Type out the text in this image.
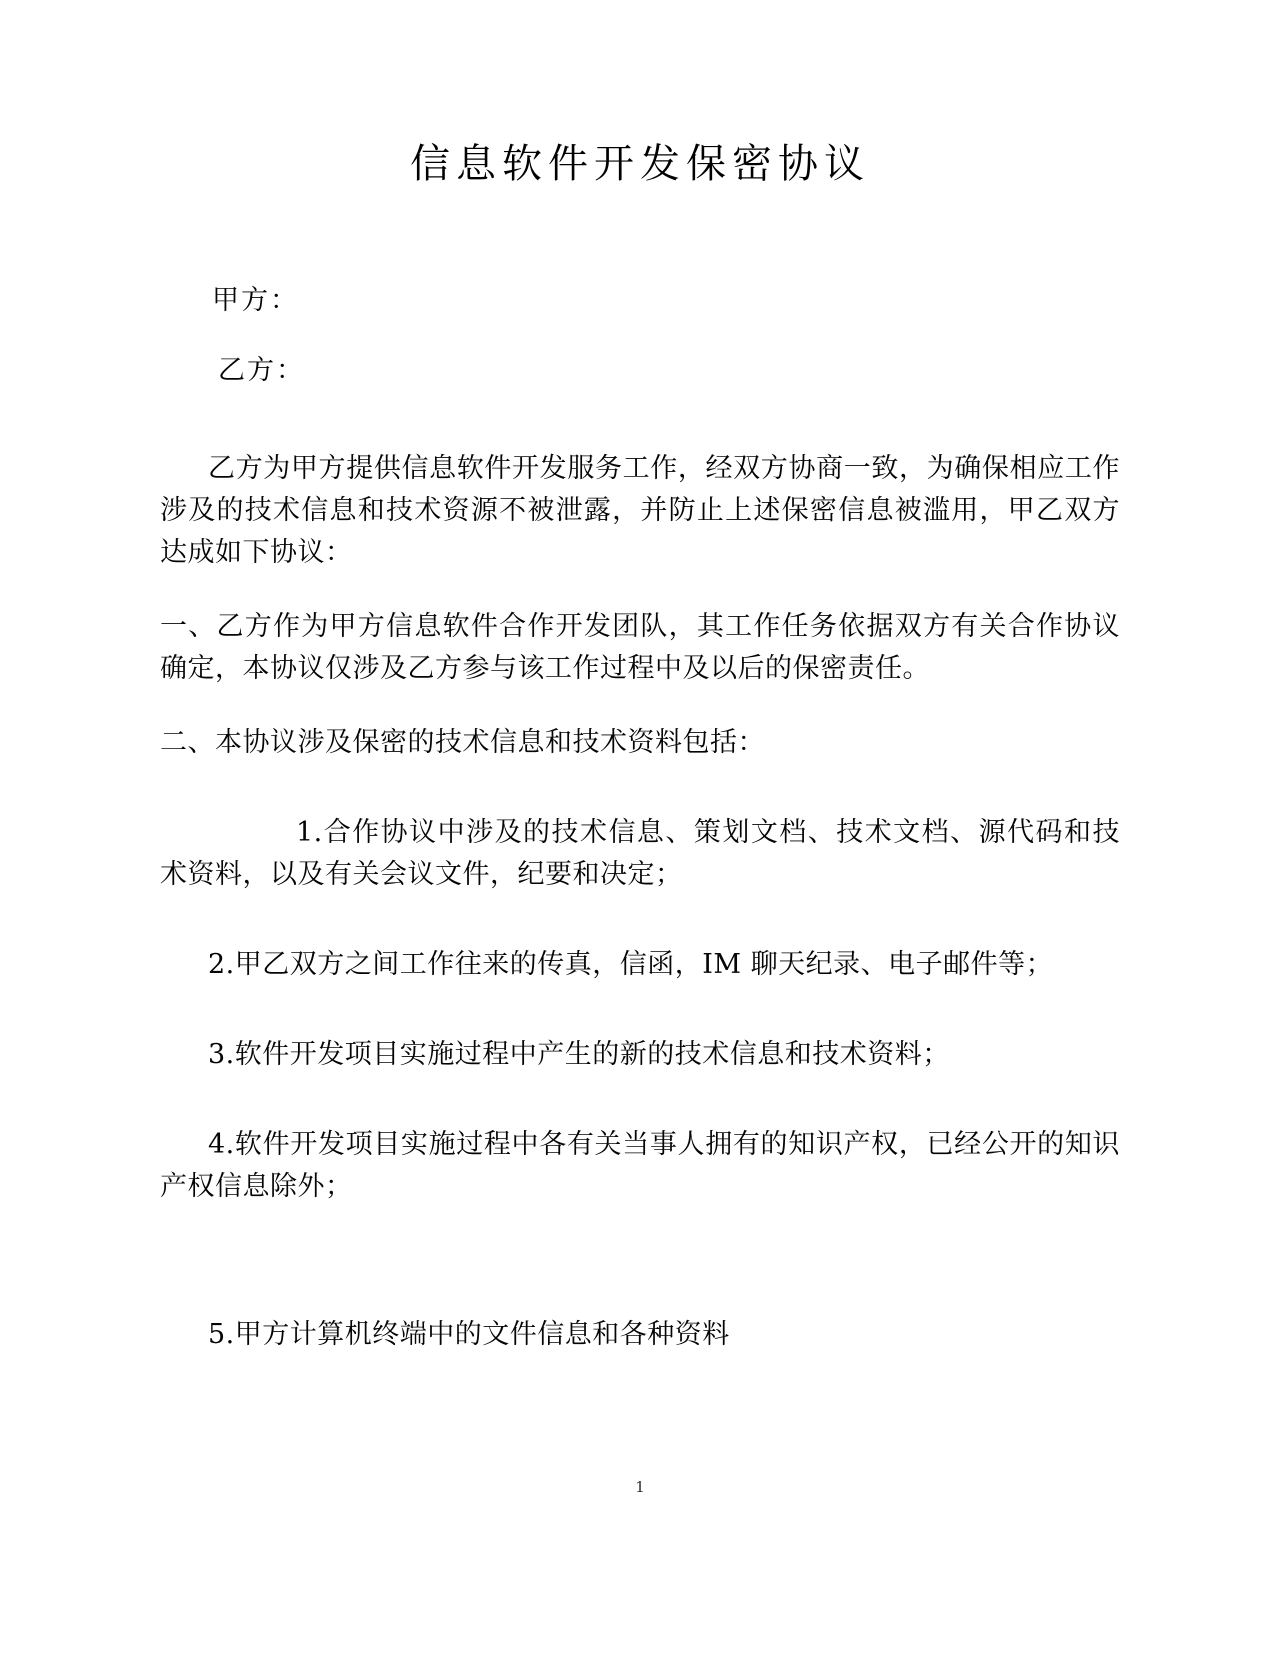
信息软件开发保密协议

甲方：

乙方：

乙方为甲方提供信息软件开发服务工作，经双方协商一致，为确保相应工作涉及的技术信息和技术资源不被泄露，并防止上述保密信息被滥用，甲乙双方达成如下协议：

一、乙方作为甲方信息软件合作开发团队，其工作任务依据双方有关合作协议确定，本协议仅涉及乙方参与该工作过程中及以后的保密责任。

二、本协议涉及保密的技术信息和技术资料包括：

1.合作协议中涉及的技术信息、策划文档、技术文档、源代码和技术资料，以及有关会议文件，纪要和决定；

2.甲乙双方之间工作往来的传真，信函，IM 聊天纪录、电子邮件等；

3.软件开发项目实施过程中产生的新的技术信息和技术资料；

4.软件开发项目实施过程中各有关当事人拥有的知识产权，已经公开的知识产权信息除外；

5.甲方计算机终端中的文件信息和各种资料

1
